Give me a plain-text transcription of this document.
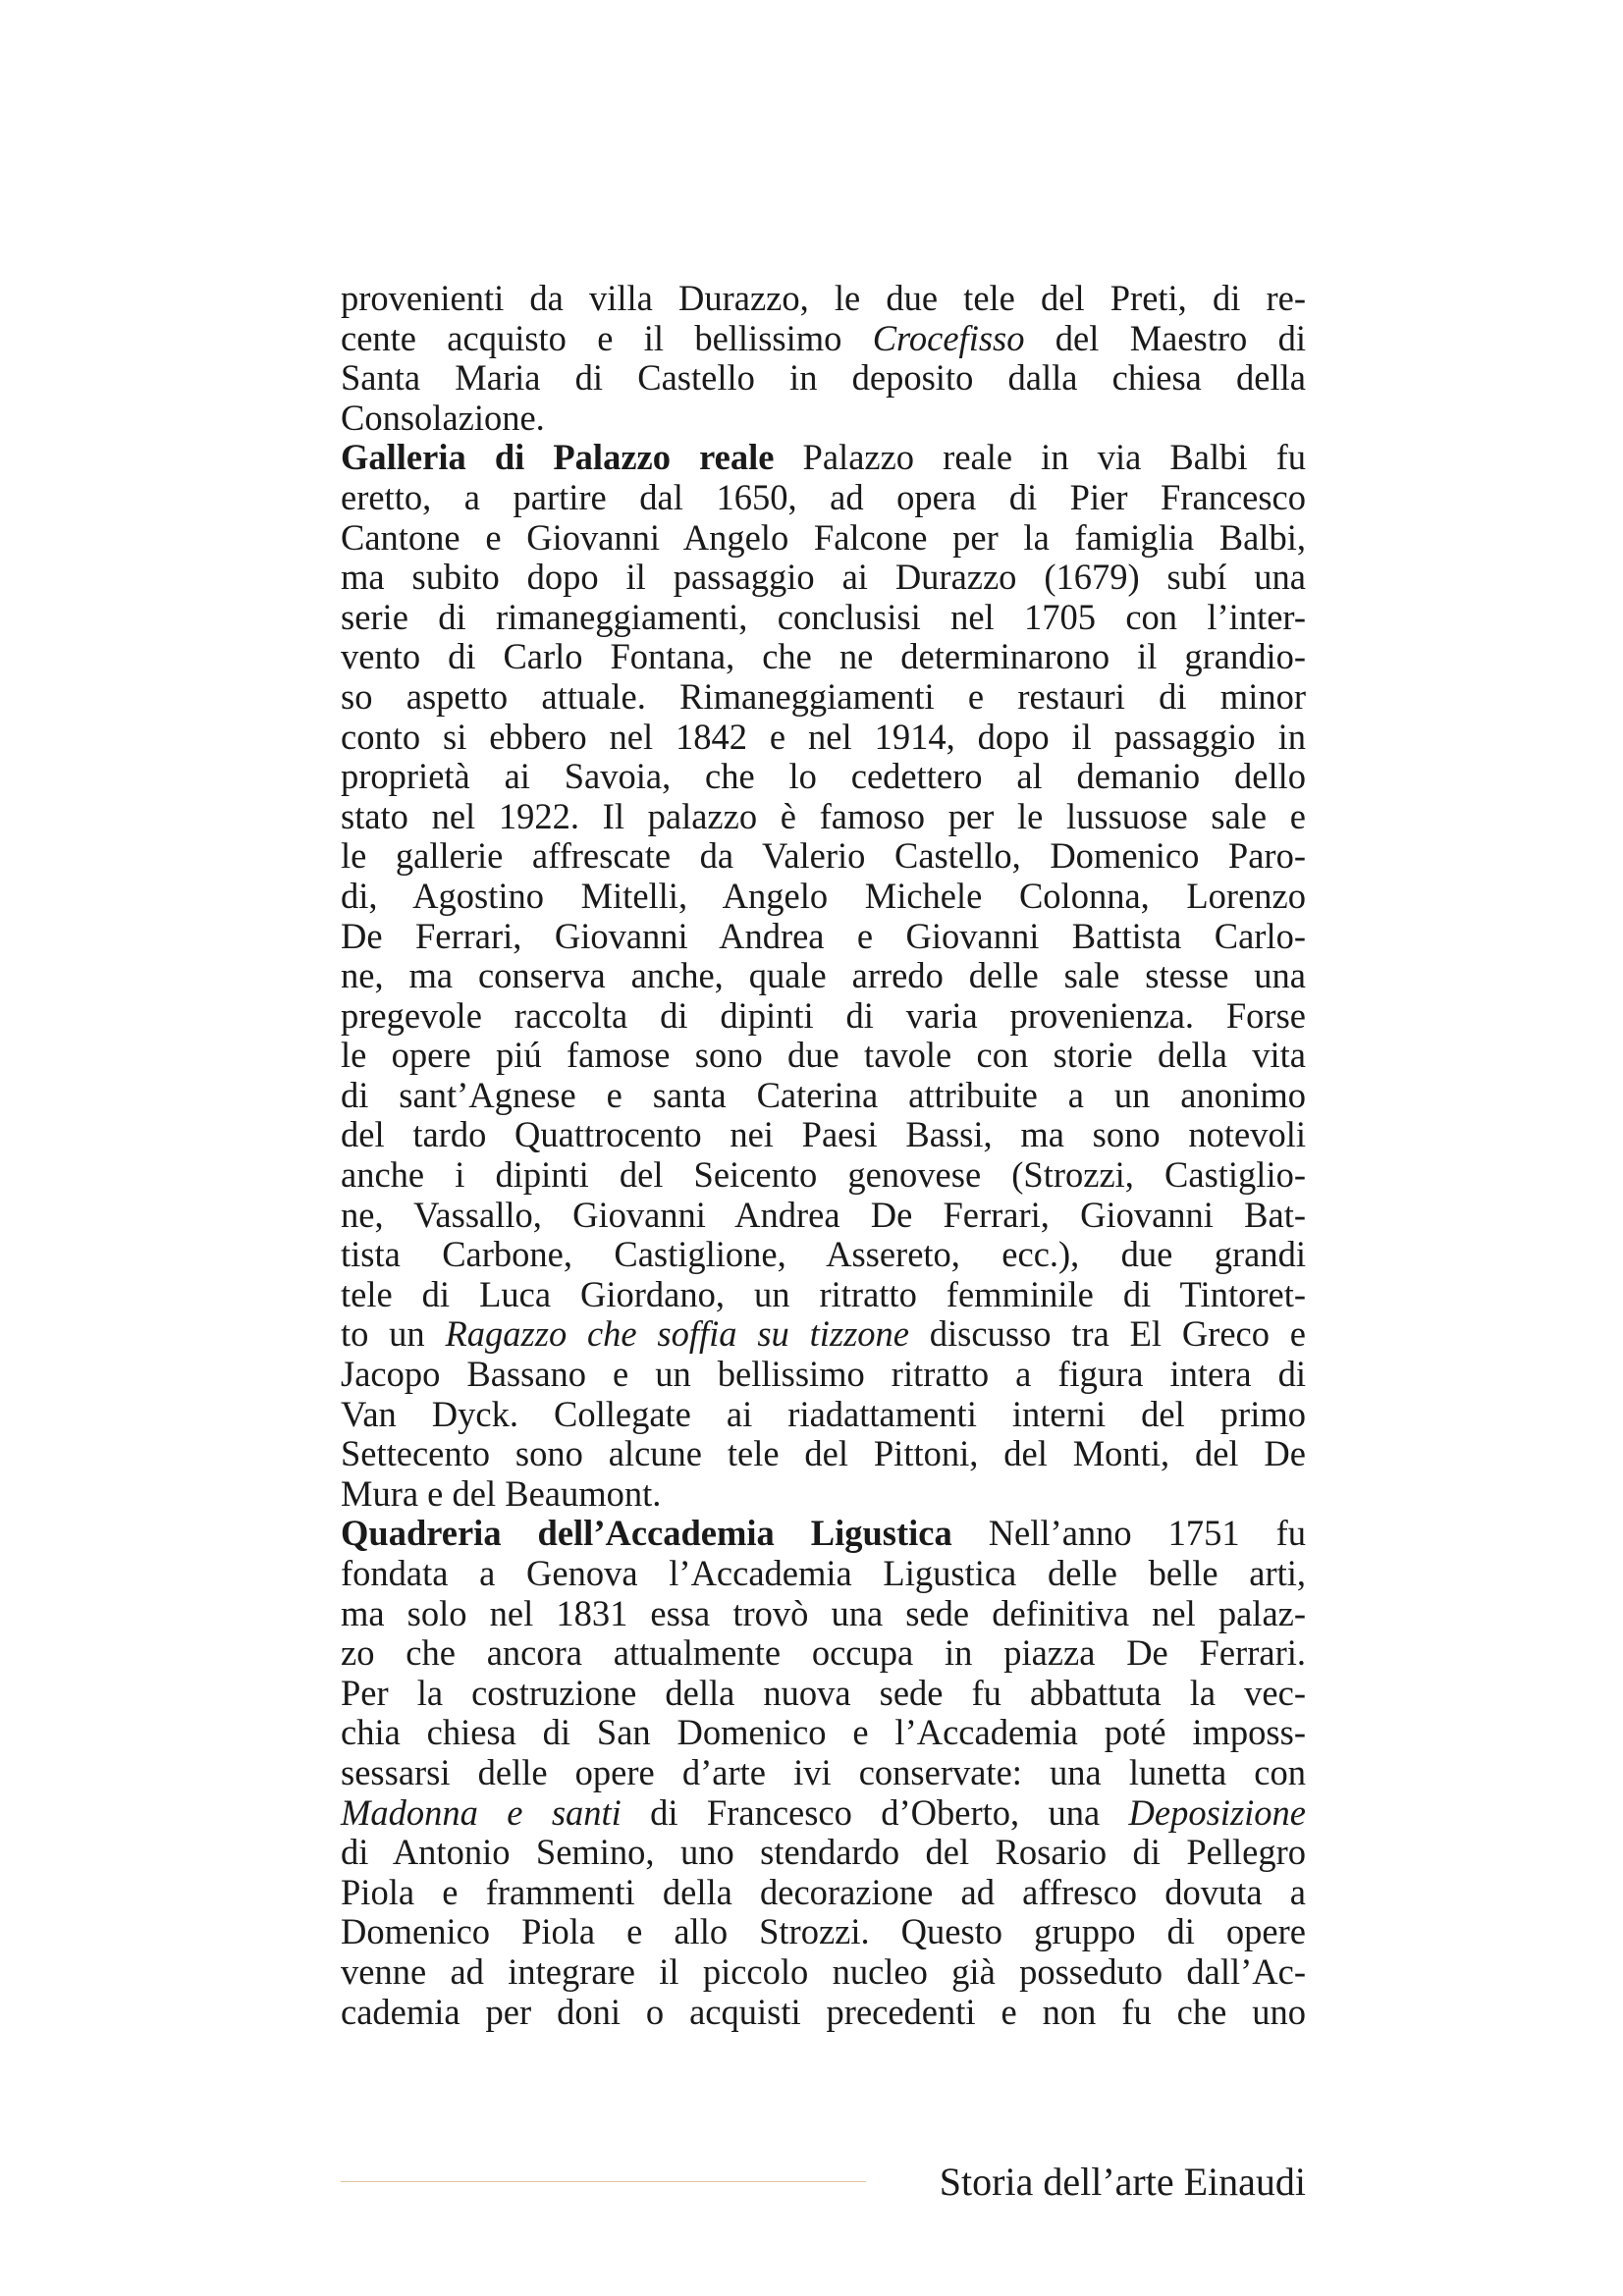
provenienti da villa Durazzo, le due tele del Preti, di re-
cente acquisto e il bellissimo Crocefisso del Maestro di
Santa Maria di Castello in deposito dalla chiesa della
Consolazione.
Galleria di Palazzo reale Palazzo reale in via Balbi fu
eretto, a partire dal 1650, ad opera di Pier Francesco
Cantone e Giovanni Angelo Falcone per la famiglia Balbi,
ma subito dopo il passaggio ai Durazzo (1679) subí una
serie di rimaneggiamenti, conclusisi nel 1705 con l’inter-
vento di Carlo Fontana, che ne determinarono il grandio-
so aspetto attuale. Rimaneggiamenti e restauri di minor
conto si ebbero nel 1842 e nel 1914, dopo il passaggio in
proprietà ai Savoia, che lo cedettero al demanio dello
stato nel 1922. Il palazzo è famoso per le lussuose sale e
le gallerie affrescate da Valerio Castello, Domenico Paro-
di, Agostino Mitelli, Angelo Michele Colonna, Lorenzo
De Ferrari, Giovanni Andrea e Giovanni Battista Carlo-
ne, ma conserva anche, quale arredo delle sale stesse una
pregevole raccolta di dipinti di varia provenienza. Forse
le opere piú famose sono due tavole con storie della vita
di sant’Agnese e santa Caterina attribuite a un anonimo
del tardo Quattrocento nei Paesi Bassi, ma sono notevoli
anche i dipinti del Seicento genovese (Strozzi, Castiglio-
ne, Vassallo, Giovanni Andrea De Ferrari, Giovanni Bat-
tista Carbone, Castiglione, Assereto, ecc.), due grandi
tele di Luca Giordano, un ritratto femminile di Tintoret-
to un Ragazzo che soffia su tizzone discusso tra El Greco e
Jacopo Bassano e un bellissimo ritratto a figura intera di
Van Dyck. Collegate ai riadattamenti interni del primo
Settecento sono alcune tele del Pittoni, del Monti, del De
Mura e del Beaumont.
Quadreria dell’Accademia Ligustica Nell’anno 1751 fu
fondata a Genova l’Accademia Ligustica delle belle arti,
ma solo nel 1831 essa trovò una sede definitiva nel palaz-
zo che ancora attualmente occupa in piazza De Ferrari.
Per la costruzione della nuova sede fu abbattuta la vec-
chia chiesa di San Domenico e l’Accademia poté imposs-
sessarsi delle opere d’arte ivi conservate: una lunetta con
Madonna e santi di Francesco d’Oberto, una Deposizione
di Antonio Semino, uno stendardo del Rosario di Pellegro
Piola e frammenti della decorazione ad affresco dovuta a
Domenico Piola e allo Strozzi. Questo gruppo di opere
venne ad integrare il piccolo nucleo già posseduto dall’Ac-
cademia per doni o acquisti precedenti e non fu che uno
Storia dell’arte Einaudi
